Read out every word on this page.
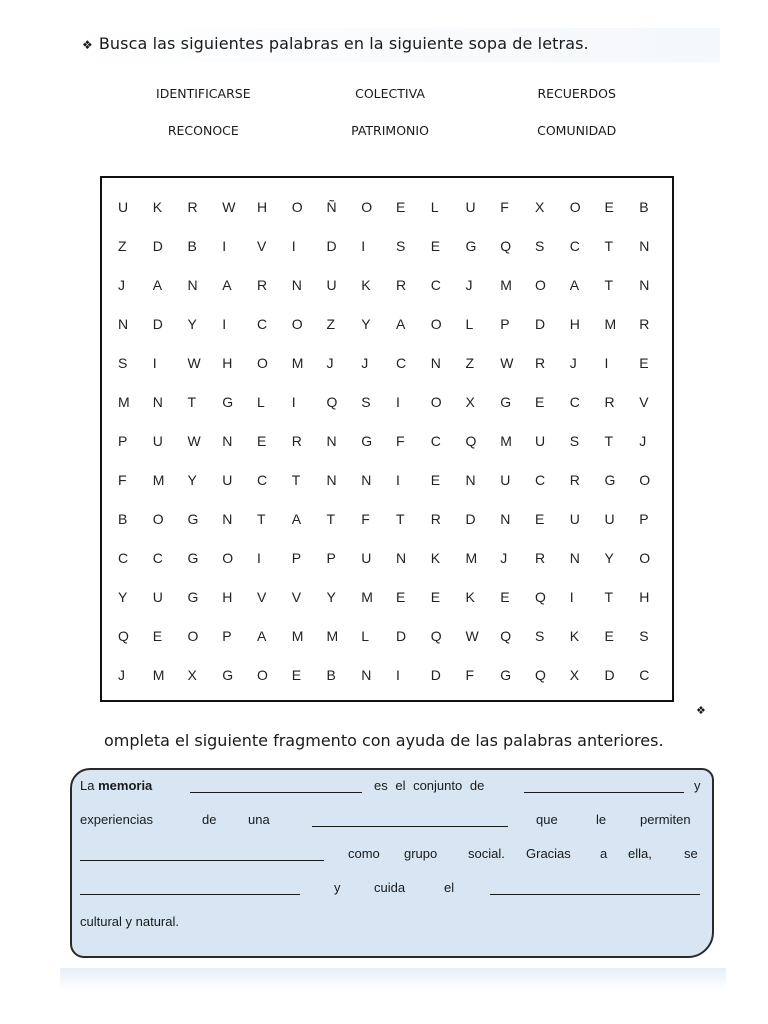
❖ Busca las siguientes palabras en la siguiente sopa de letras.
IDENTIFICARSE	COLECTIVA	RECUERDOS
RECONOCE	PATRIMONIO	COMUNIDAD
U	K	R	W	H	O	Ñ	O	E	L	U	F	X	O	E	B
Z	D	B	I	V	I	D	I	S	E	G	Q	S	C	T	N
J	A	N	A	R	N	U	K	R	C	J	M	O	A	T	N
N	D	Y	I	C	O	Z	Y	A	O	L	P	D	H	M	R
S	I	W	H	O	M	J	J	C	N	Z	W	R	J	I	E
M	N	T	G	L	I	Q	S	I	O	X	G	E	C	R	V
P	U	W	N	E	R	N	G	F	C	Q	M	U	S	T	J
F	M	Y	U	C	T	N	N	I	E	N	U	C	R	G	O
B	O	G	N	T	A	T	F	T	R	D	N	E	U	U	P
C	C	G	O	I	P	P	U	N	K	M	J	R	N	Y	O
Y	U	G	H	V	V	Y	M	E	E	K	E	Q	I	T	H
Q	E	O	P	A	M	M	L	D	Q	W	Q	S	K	E	S
J	M	X	G	O	E	B	N	I	D	F	G	Q	X	D	C
❖
ompleta el siguiente fragmento con ayuda de las palabras anteriores.
La memoria	es el conjunto de	y
experiencias	de una	que	le	permiten
como grupo social. Gracias a ella, se
y	cuida	el
cultural y natural.
